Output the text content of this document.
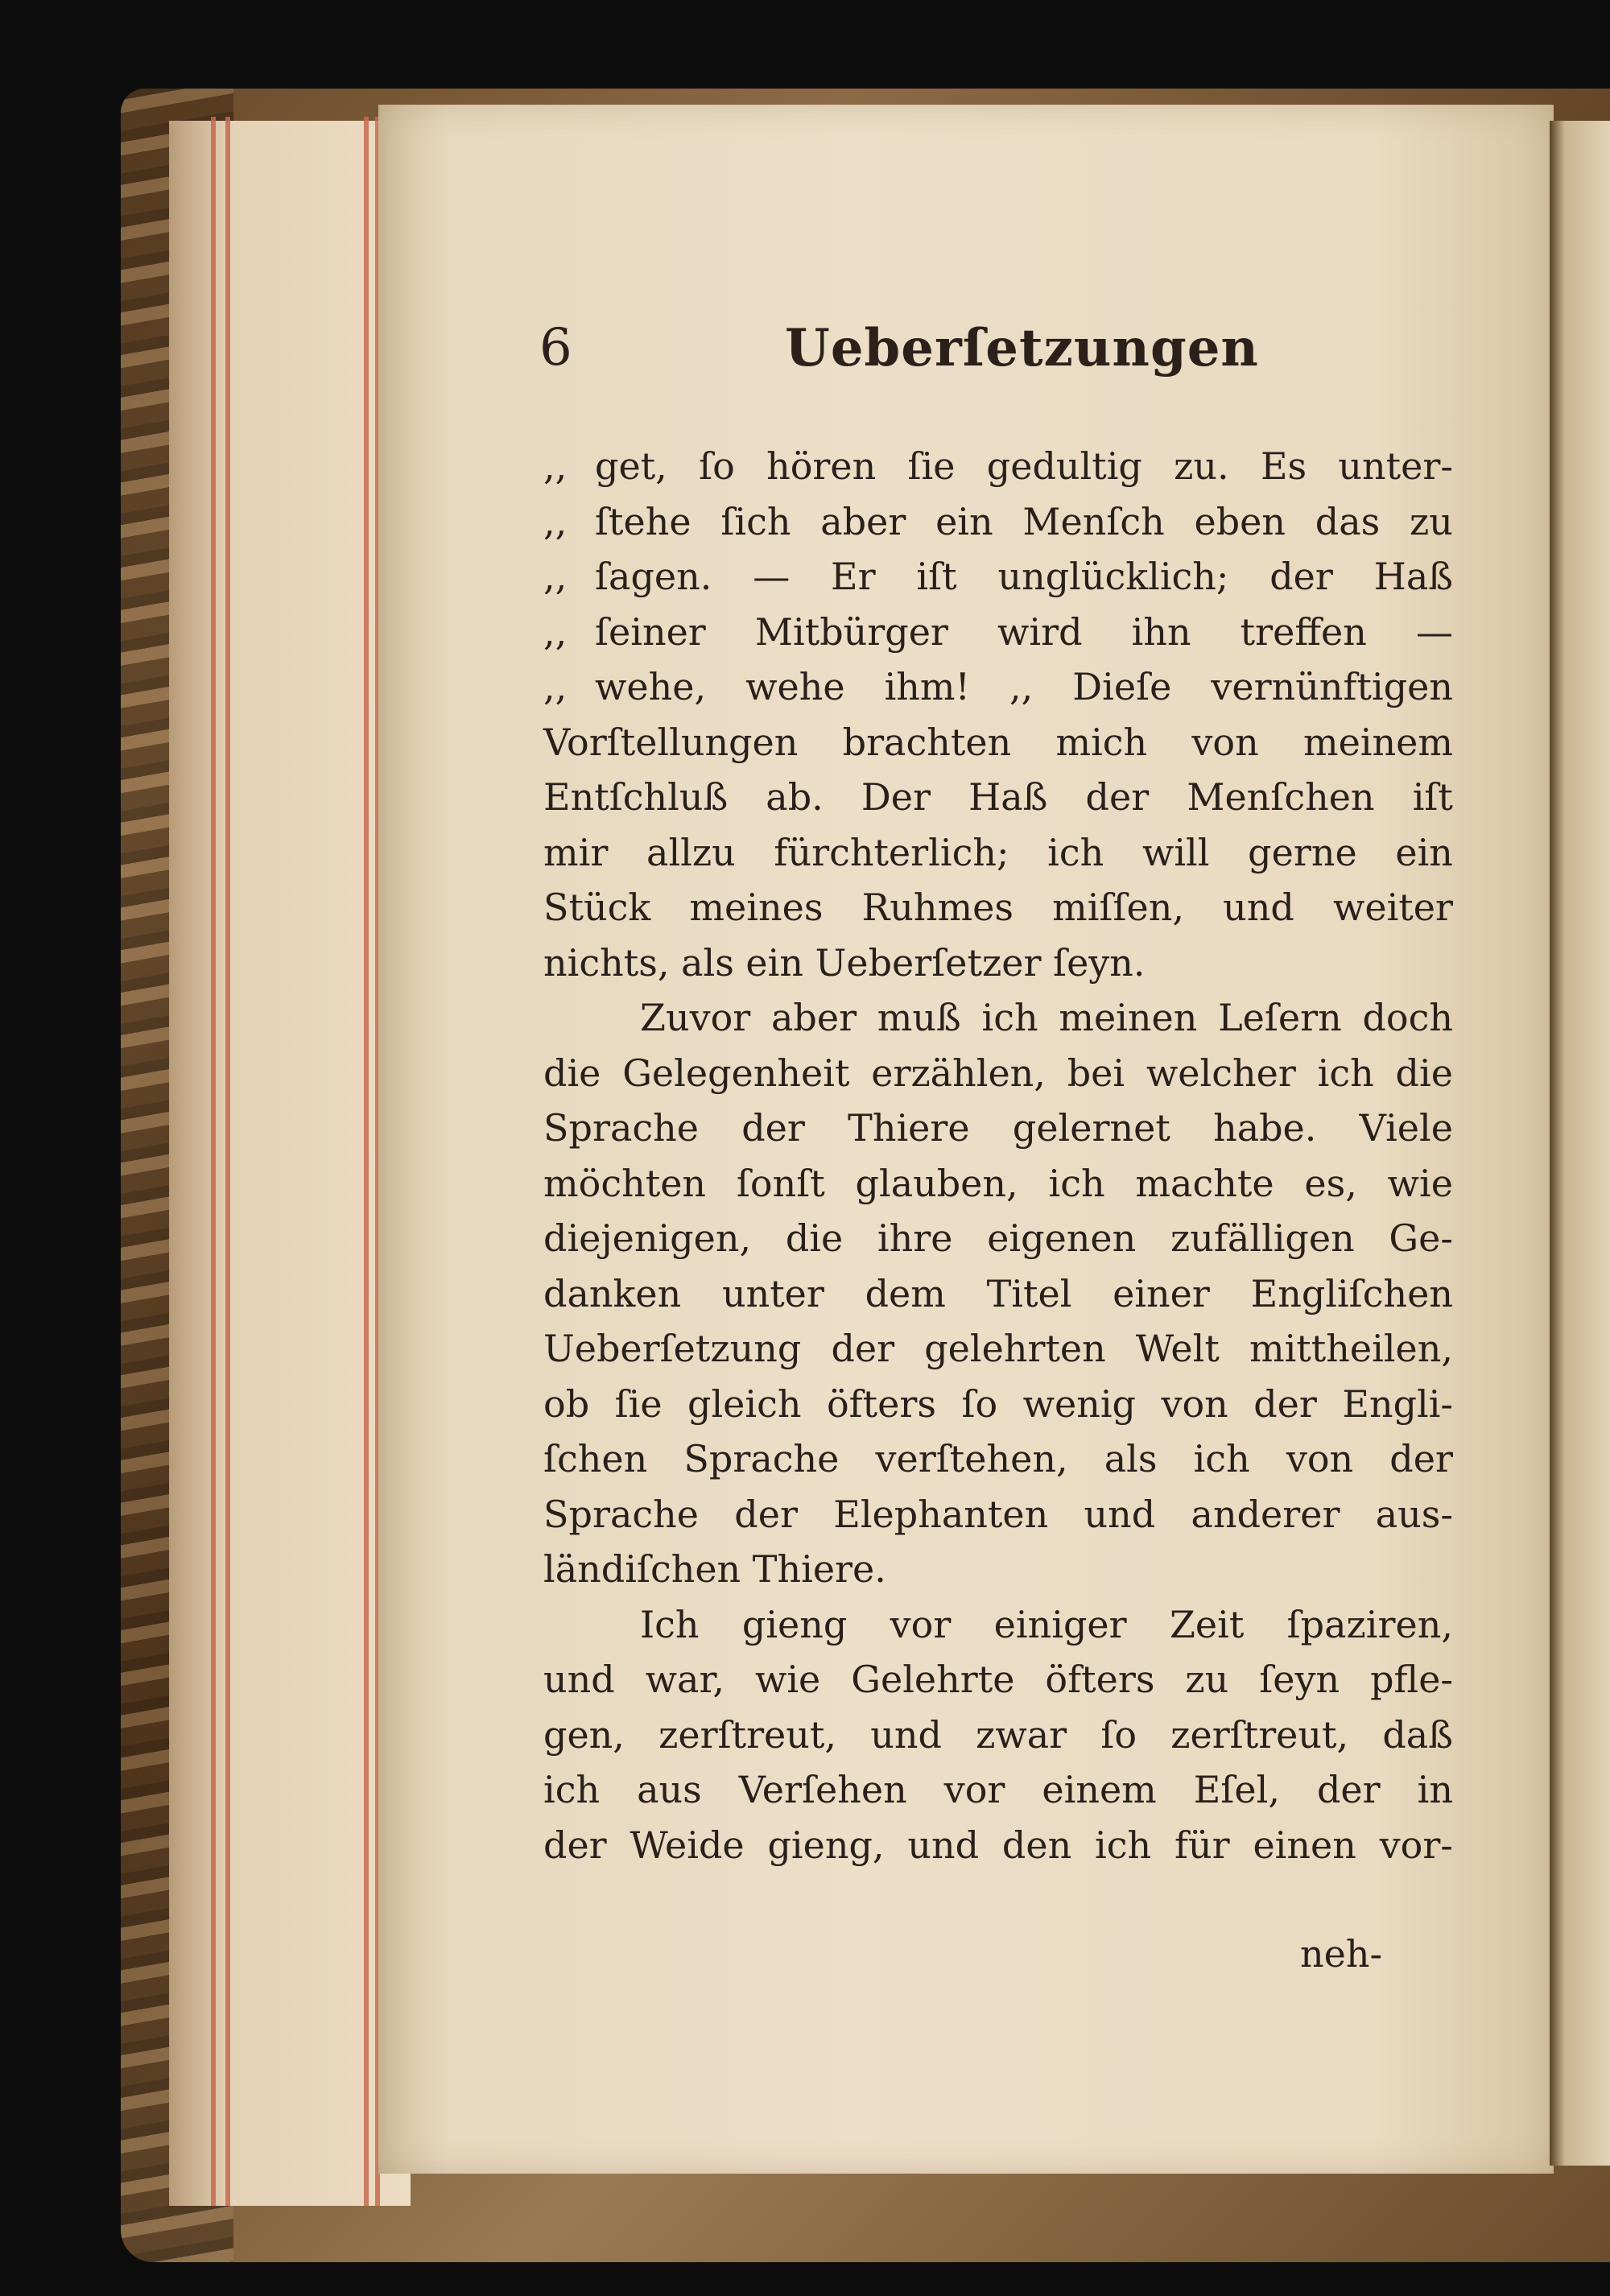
6	Ueberſetzungen
,, get, ſo hören ſie gedultig zu. Es unter-
,, ſtehe ſich aber ein Menſch eben das zu
,, ſagen. — Er iſt unglücklich; der Haß
,, ſeiner Mitbürger wird ihn treffen —
,, wehe, wehe ihm! ,, Dieſe vernünftigen
Vorſtellungen brachten mich von meinem
Entſchluß ab. Der Haß der Menſchen iſt
mir allzu fürchterlich; ich will gerne ein
Stück meines Ruhmes miſſen, und weiter
nichts, als ein Ueberſetzer ſeyn.
Zuvor aber muß ich meinen Leſern doch
die Gelegenheit erzählen, bei welcher ich die
Sprache der Thiere gelernet habe. Viele
möchten ſonſt glauben, ich machte es, wie
diejenigen, die ihre eigenen zufälligen Ge-
danken unter dem Titel einer Engliſchen
Ueberſetzung der gelehrten Welt mittheilen,
ob ſie gleich öfters ſo wenig von der Engli-
ſchen Sprache verſtehen, als ich von der
Sprache der Elephanten und anderer aus-
ländiſchen Thiere.
Ich gieng vor einiger Zeit ſpaziren,
und war, wie Gelehrte öfters zu ſeyn pfle-
gen, zerſtreut, und zwar ſo zerſtreut, daß
ich aus Verſehen vor einem Eſel, der in
der Weide gieng, und den ich für einen vor-
neh-
